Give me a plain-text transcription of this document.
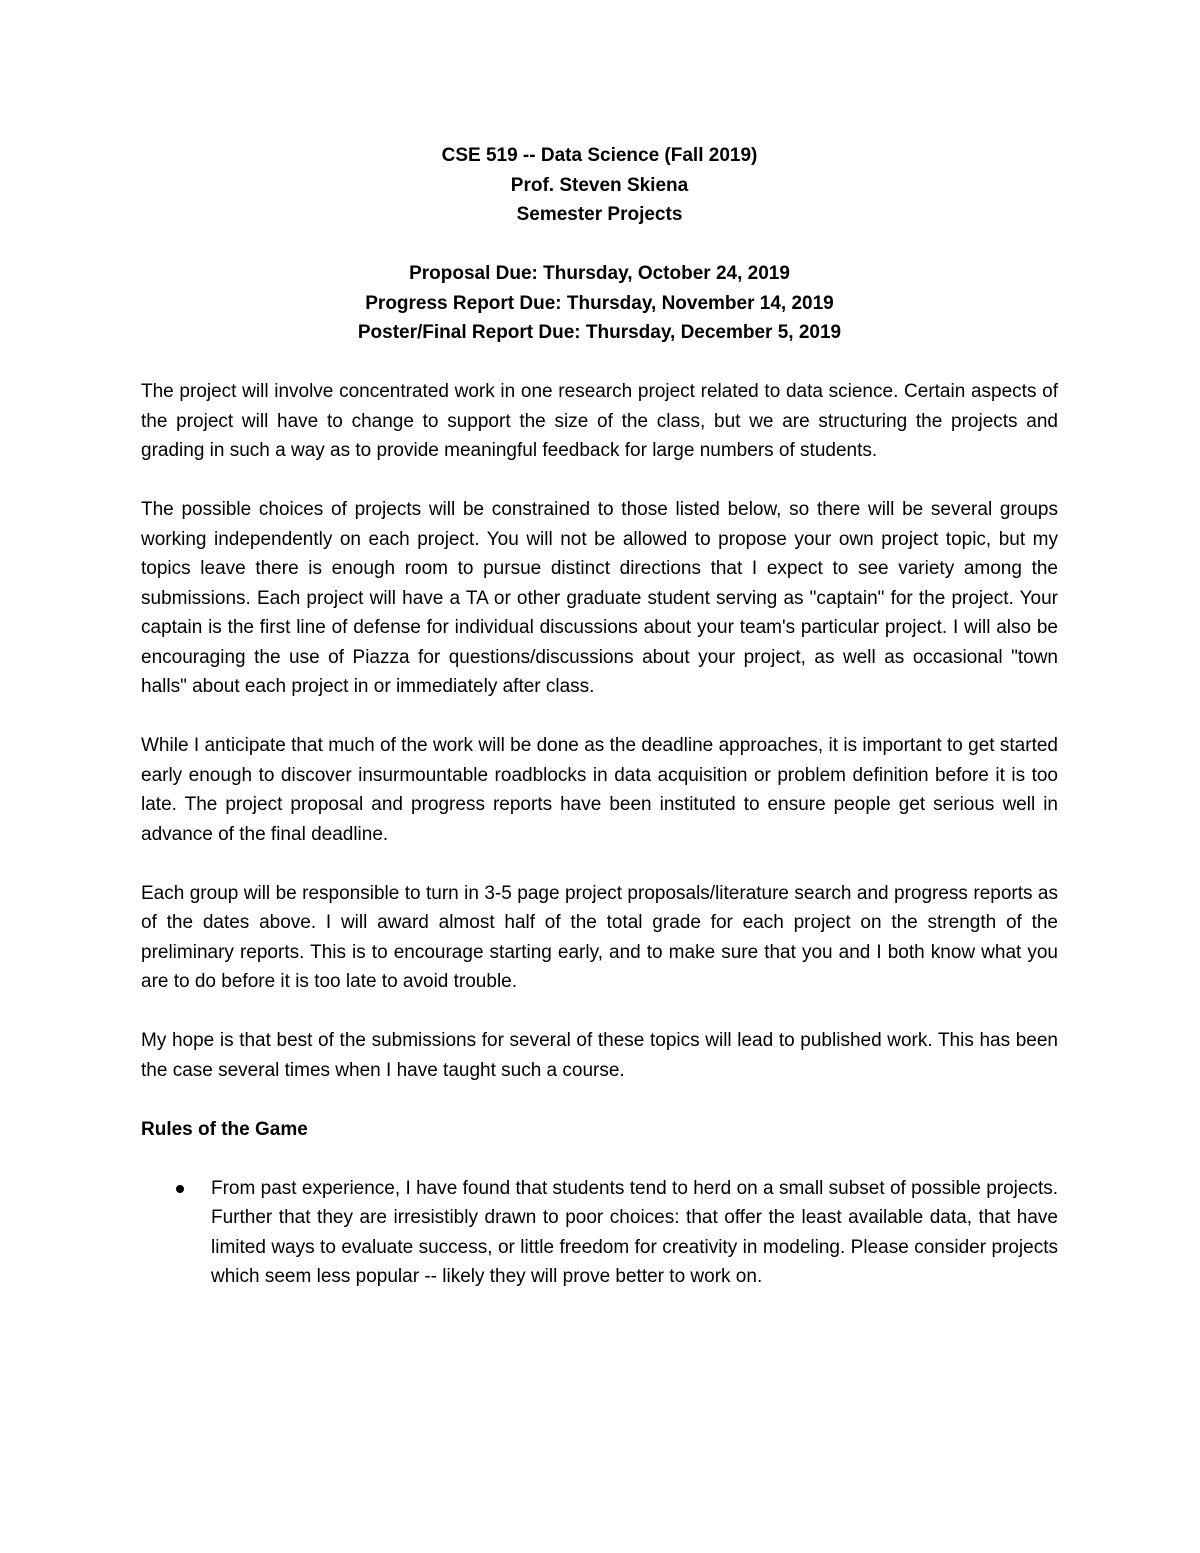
CSE 519 -- Data Science (Fall 2019)
Prof. Steven Skiena
Semester Projects
Proposal Due: Thursday, October 24, 2019
Progress Report Due: Thursday, November 14, 2019
Poster/Final Report Due: Thursday, December 5, 2019

The project will involve concentrated work in one research project related to data science. Certain aspects of the project will have to change to support the size of the class, but we are structuring the projects and grading in such a way as to provide meaningful feedback for large numbers of students.

The possible choices of projects will be constrained to those listed below, so there will be several groups working independently on each project. You will not be allowed to propose your own project topic, but my topics leave there is enough room to pursue distinct directions that I expect to see variety among the submissions. Each project will have a TA or other graduate student serving as "captain" for the project. Your captain is the first line of defense for individual discussions about your team's particular project. I will also be encouraging the use of Piazza for questions/discussions about your project, as well as occasional "town halls" about each project in or immediately after class.

While I anticipate that much of the work will be done as the deadline approaches, it is important to get started early enough to discover insurmountable roadblocks in data acquisition or problem definition before it is too late. The project proposal and progress reports have been instituted to ensure people get serious well in advance of the final deadline.

Each group will be responsible to turn in 3-5 page project proposals/literature search and progress reports as of the dates above. I will award almost half of the total grade for each project on the strength of the preliminary reports. This is to encourage starting early, and to make sure that you and I both know what you are to do before it is too late to avoid trouble.

My hope is that best of the submissions for several of these topics will lead to published work. This has been the case several times when I have taught such a course.

Rules of the Game
From past experience, I have found that students tend to herd on a small subset of possible projects. Further that they are irresistibly drawn to poor choices: that offer the least available data, that have limited ways to evaluate success, or little freedom for creativity in modeling. Please consider projects which seem less popular -- likely they will prove better to work on.
